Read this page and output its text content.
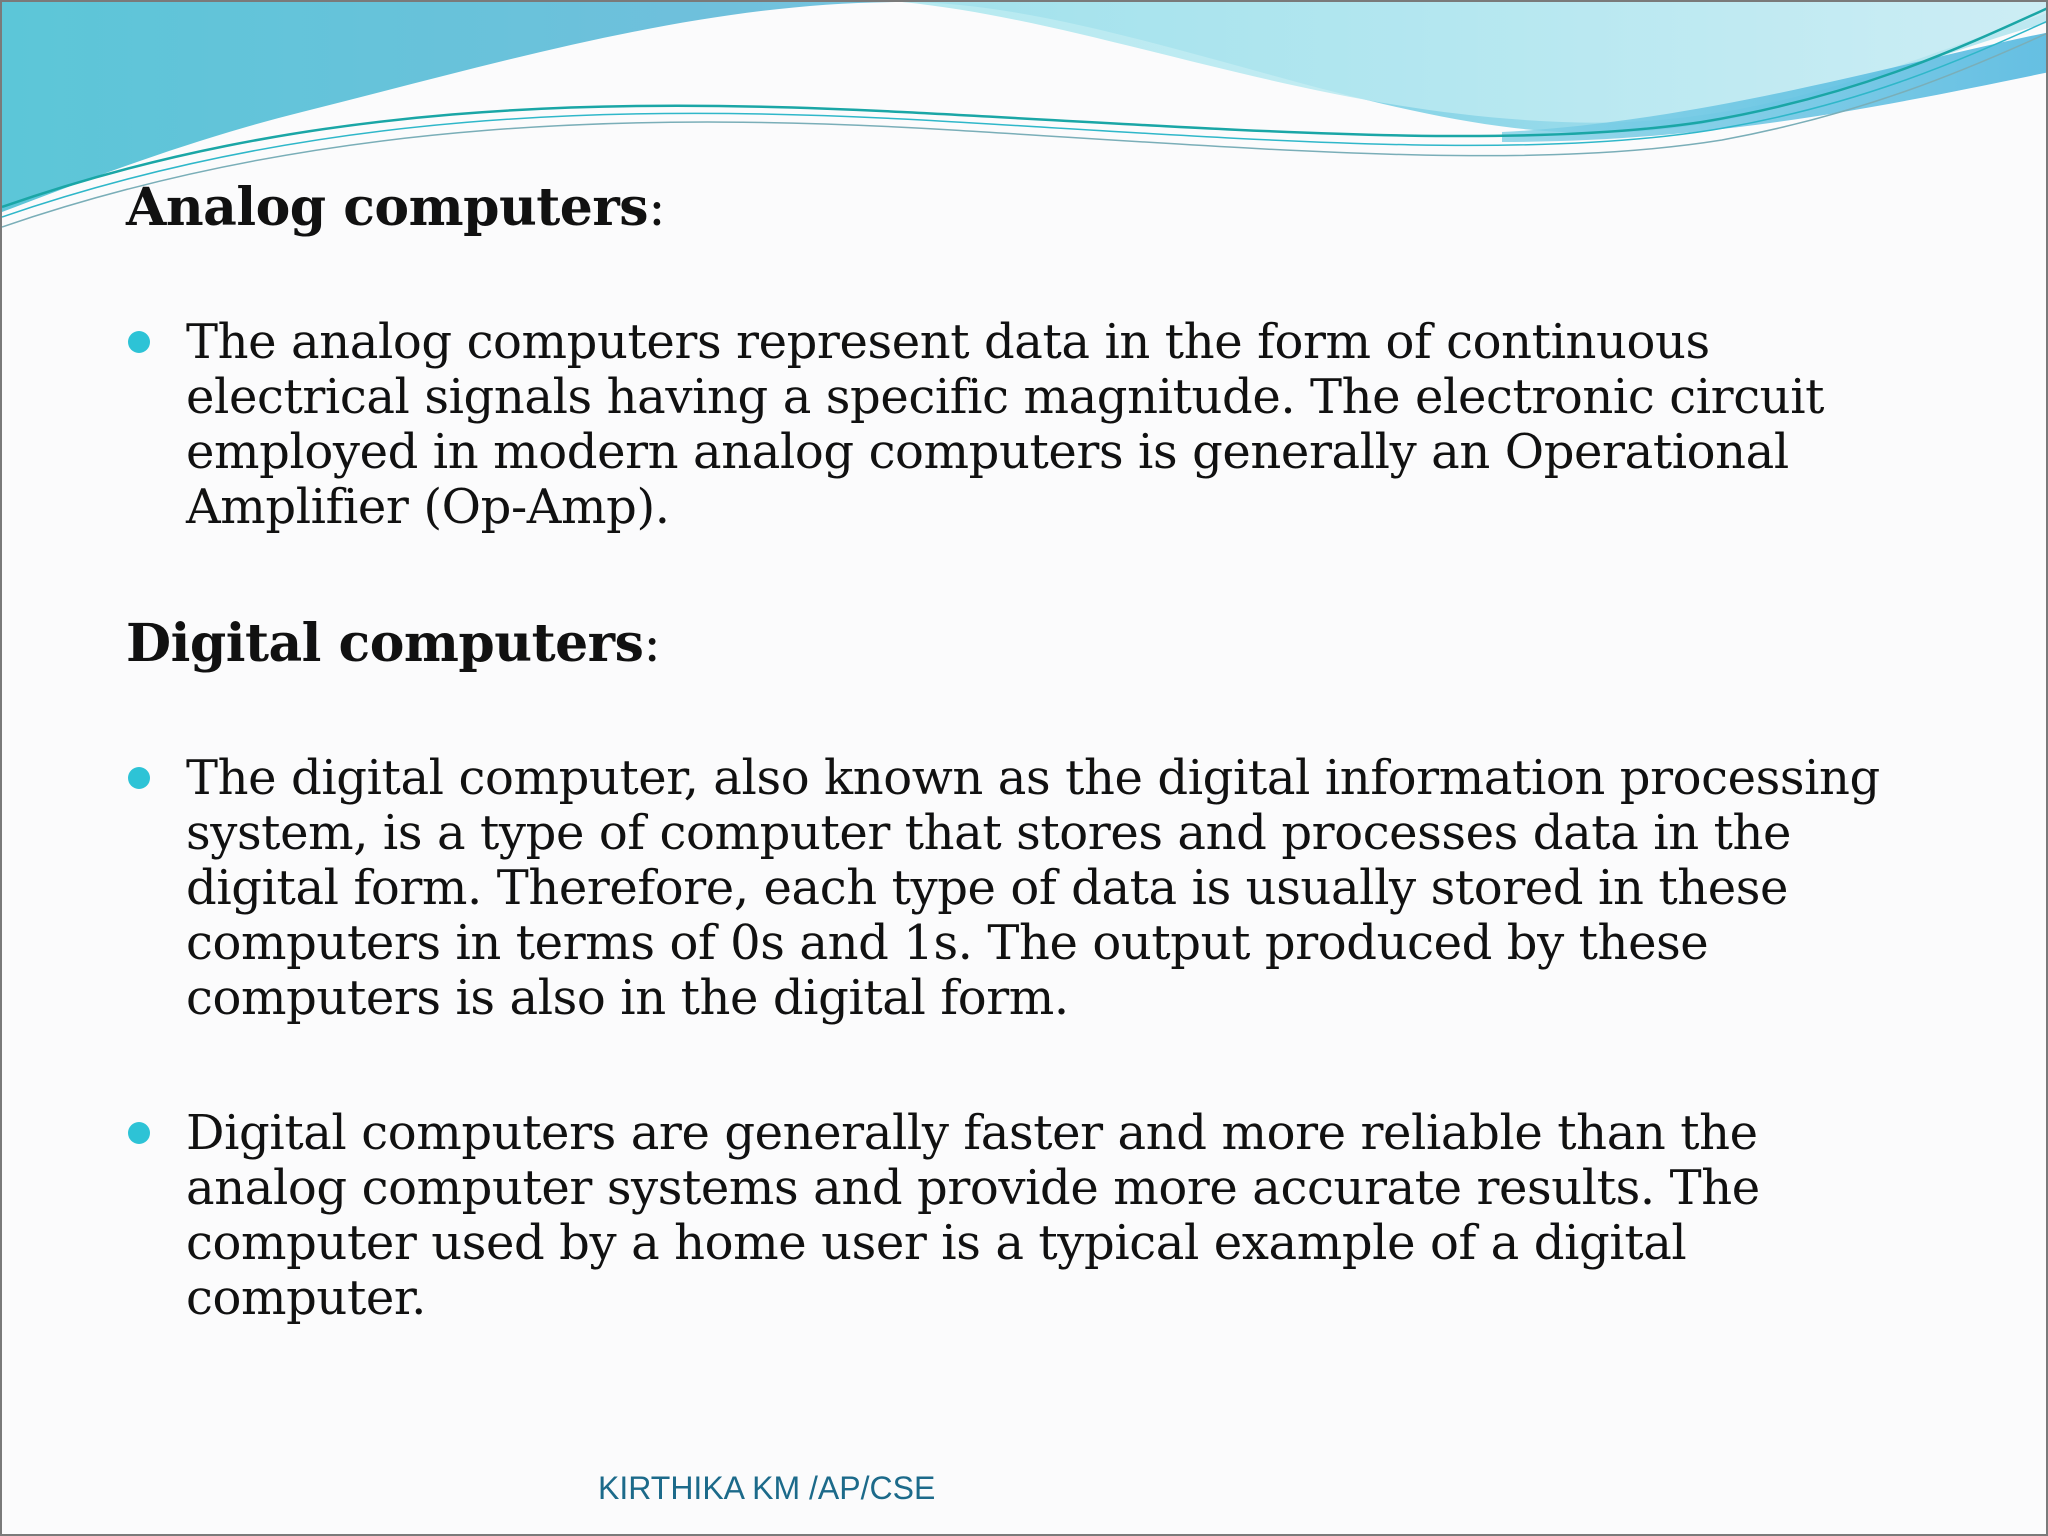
Analog computers:
The analog computers represent data in the form of continuous
electrical signals having a specific magnitude. The electronic circuit
employed in modern analog computers is generally an Operational
Amplifier (Op-Amp).
Digital computers:
The digital computer, also known as the digital information processing
system, is a type of computer that stores and processes data in the
digital form. Therefore, each type of data is usually stored in these
computers in terms of 0s and 1s. The output produced by these
computers is also in the digital form.
Digital computers are generally faster and more reliable than the
analog computer systems and provide more accurate results. The
computer used by a home user is a typical example of a digital
computer.
KIRTHIKA KM /AP/CSE
